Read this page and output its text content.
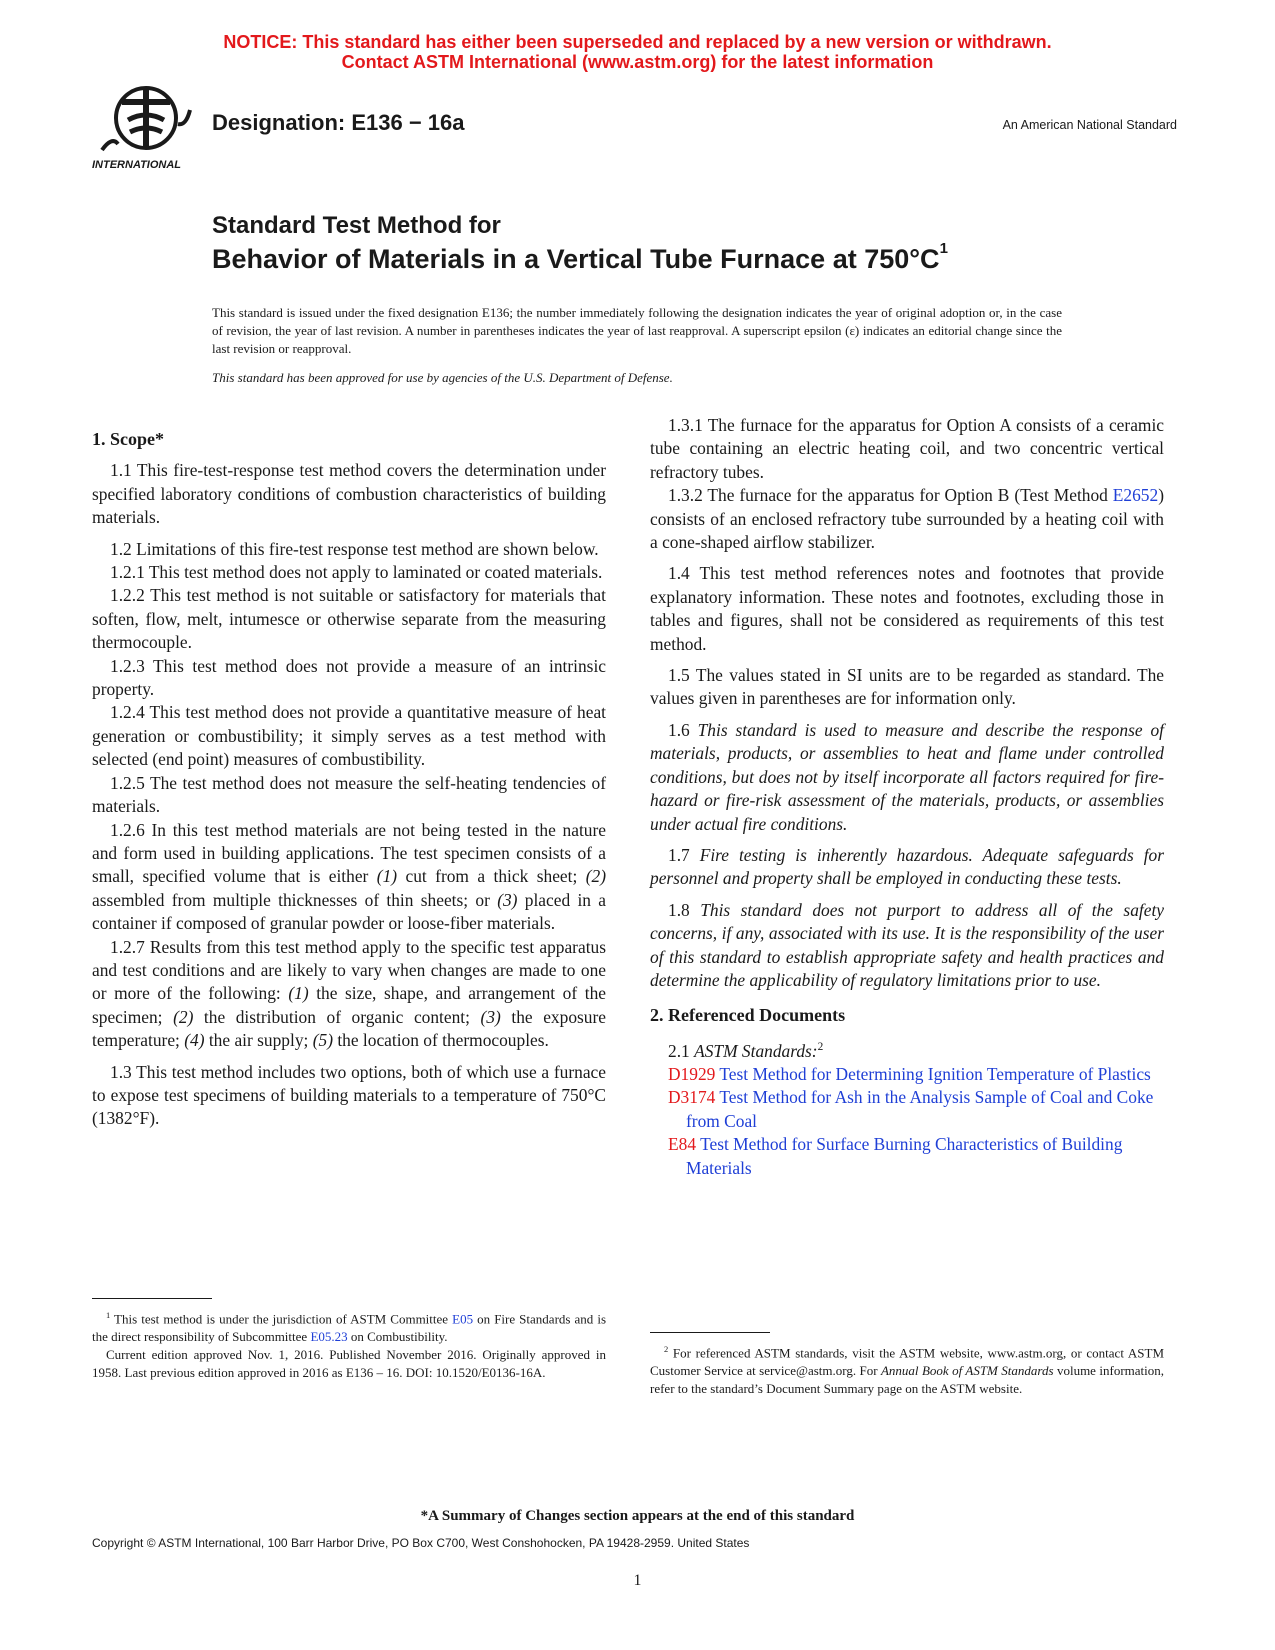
NOTICE: This standard has either been superseded and replaced by a new version or withdrawn.
Contact ASTM International (www.astm.org) for the latest information
INTERNATIONAL
Designation: E136 − 16a	An American National Standard
Standard Test Method for
Behavior of Materials in a Vertical Tube Furnace at $750^\circ C^1$
This standard is issued under the fixed designation E136; the number immediately following the designation indicates the year of original adoption or, in the case of revision, the year of last revision. A number in parentheses indicates the year of last reapproval. A superscript epsilon (ε) indicates an editorial change since the last revision or reapproval.
This standard has been approved for use by agencies of the U.S. Department of Defense.
1. Scope*

1.1 This fire-test-response test method covers the determination under specified laboratory conditions of combustion characteristics of building materials.

1.2 Limitations of this fire-test response test method are shown below.

1.2.1 This test method does not apply to laminated or coated materials.

1.2.2 This test method is not suitable or satisfactory for materials that soften, flow, melt, intumesce or otherwise separate from the measuring thermocouple.

1.2.3 This test method does not provide a measure of an intrinsic property.

1.2.4 This test method does not provide a quantitative measure of heat generation or combustibility; it simply serves as a test method with selected (end point) measures of combustibility.

1.2.5 The test method does not measure the self-heating tendencies of materials.

1.2.6 In this test method materials are not being tested in the nature and form used in building applications. The test specimen consists of a small, specified volume that is either (1) cut from a thick sheet; (2) assembled from multiple thicknesses of thin sheets; or (3) placed in a container if composed of granular powder or loose-fiber materials.

1.2.7 Results from this test method apply to the specific test apparatus and test conditions and are likely to vary when changes are made to one or more of the following: (1) the size, shape, and arrangement of the specimen; (2) the distribution of organic content; (3) the exposure temperature; (4) the air supply; (5) the location of thermocouples.

1.3 This test method includes two options, both of which use a furnace to expose test specimens of building materials to a temperature of 750°C (1382°F).

$^1$ This test method is under the jurisdiction of ASTM Committee E05 on Fire Standards and is the direct responsibility of Subcommittee E05.23 on Combustibility.

Current edition approved Nov. 1, 2016. Published November 2016. Originally approved in 1958. Last previous edition approved in 2016 as E136 – 16. DOI: 10.1520/E0136-16A.

1.3.1 The furnace for the apparatus for Option A consists of a ceramic tube containing an electric heating coil, and two concentric vertical refractory tubes.

1.3.2 The furnace for the apparatus for Option B (Test Method E2652) consists of an enclosed refractory tube surrounded by a heating coil with a cone-shaped airflow stabilizer.

1.4 This test method references notes and footnotes that provide explanatory information. These notes and footnotes, excluding those in tables and figures, shall not be considered as requirements of this test method.

1.5 The values stated in SI units are to be regarded as standard. The values given in parentheses are for information only.

1.6 This standard is used to measure and describe the response of materials, products, or assemblies to heat and flame under controlled conditions, but does not by itself incorporate all factors required for fire-hazard or fire-risk assessment of the materials, products, or assemblies under actual fire conditions.

1.7 Fire testing is inherently hazardous. Adequate safeguards for personnel and property shall be employed in conducting these tests.

1.8 This standard does not purport to address all of the safety concerns, if any, associated with its use. It is the responsibility of the user of this standard to establish appropriate safety and health practices and determine the applicability of regulatory limitations prior to use.

2. Referenced Documents

2.1 ASTM Standards:$^2$

D1929 Test Method for Determining Ignition Temperature of Plastics

D3174 Test Method for Ash in the Analysis Sample of Coal and Coke from Coal

E84 Test Method for Surface Burning Characteristics of Building Materials

$^2$ For referenced ASTM standards, visit the ASTM website, www.astm.org, or contact ASTM Customer Service at service@astm.org. For Annual Book of ASTM Standards volume information, refer to the standard’s Document Summary page on the ASTM website.

*A Summary of Changes section appears at the end of this standard
Copyright © ASTM International, 100 Barr Harbor Drive, PO Box C700, West Conshohocken, PA 19428-2959. United States
1
